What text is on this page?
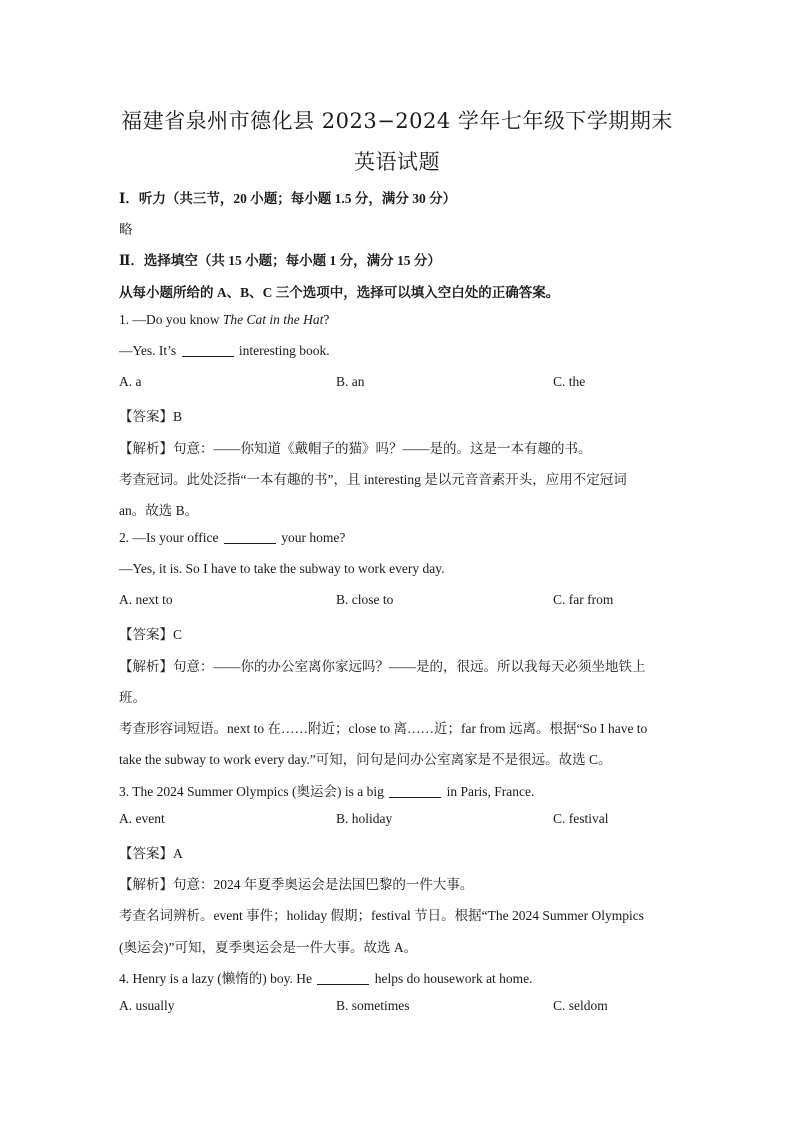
福建省泉州市德化县 2023−2024 学年七年级下学期期末
英语试题
Ⅰ．听力（共三节，20 小题；每小题 1.5 分，满分 30 分）
略
Ⅱ．选择填空（共 15 小题；每小题 1 分，满分 15 分）
从每小题所给的 A、B、C 三个选项中，选择可以填入空白处的正确答案。
1. —Do you know The Cat in the Hat?
—Yes. It’s	interesting book.
A. a	B. an	C. the
【答案】B
【解析】句意：——你知道《戴帽子的猫》吗？——是的。这是一本有趣的书。
考查冠词。此处泛指“一本有趣的书”，且 interesting 是以元音音素开头，应用不定冠词
an。故选 B。
2. —Is your office	your home?
—Yes, it is. So I have to take the subway to work every day.
A. next to	B. close to	C. far from
【答案】C
【解析】句意：——你的办公室离你家远吗？——是的，很远。所以我每天必须坐地铁上
班。
考查形容词短语。next to 在……附近；close to 离……近；far from 远离。根据“So I have to
take the subway to work every day.”可知，问句是问办公室离家是不是很远。故选 C。
3. The 2024 Summer Olympics (奥运会) is a big	in Paris, France.
A. event	B. holiday	C. festival
【答案】A
【解析】句意：2024 年夏季奥运会是法国巴黎的一件大事。
考查名词辨析。event 事件；holiday 假期；festival 节日。根据“The 2024 Summer Olympics
(奥运会)”可知，夏季奥运会是一件大事。故选 A。
4. Henry is a lazy (懒惰的) boy. He	helps do housework at home.
A. usually	B. sometimes	C. seldom
